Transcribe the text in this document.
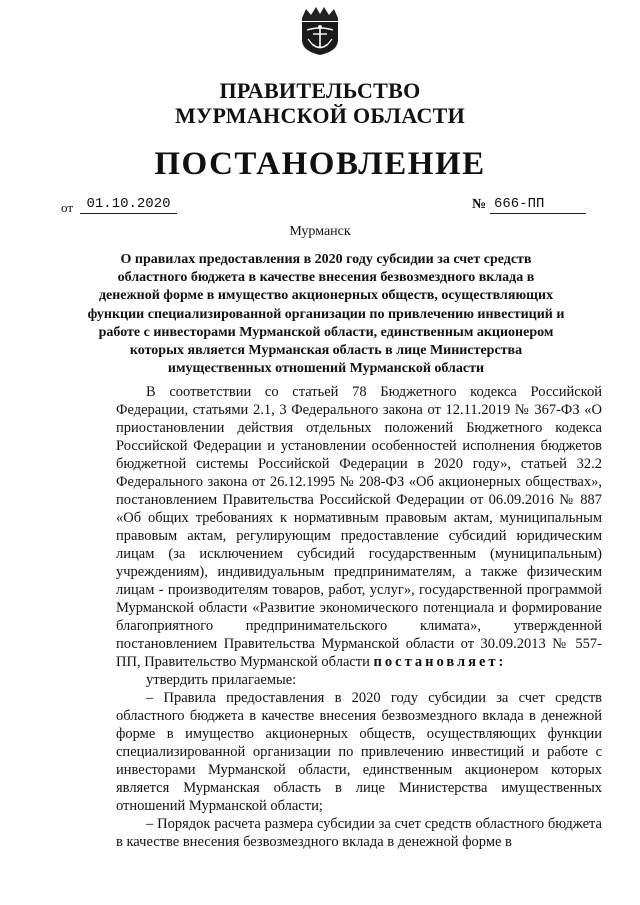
ПРАВИТЕЛЬСТВО
МУРМАНСКОЙ ОБЛАСТИ
ПОСТАНОВЛЕНИЕ
от 01.10.2020	№ 666-ПП
Мурманск
О правилах предоставления в 2020 году субсидии за счет средств областного бюджета в качестве внесения безвозмездного вклада в денежной форме в имущество акционерных обществ, осуществляющих функции специализированной организации по привлечению инвестиций и работе с инвесторами Мурманской области, единственным акционером которых является Мурманская область в лице Министерства имущественных отношений Мурманской области

В соответствии со статьей 78 Бюджетного кодекса Российской Федерации, статьями 2.1, 3 Федерального закона от 12.11.2019 № 367-ФЗ «О приостановлении действия отдельных положений Бюджетного кодекса Российской Федерации и установлении особенностей исполнения бюджетов бюджетной системы Российской Федерации в 2020 году», статьей 32.2 Федерального закона от 26.12.1995 № 208-ФЗ «Об акционерных обществах», постановлением Правительства Российской Федерации от 06.09.2016 № 887 «Об общих требованиях к нормативным правовым актам, муниципальным правовым актам, регулирующим предоставление субсидий юридическим лицам (за исключением субсидий государственным (муниципальным) учреждениям), индивидуальным предпринимателям, а также физическим лицам - производителям товаров, работ, услуг», государственной программой Мурманской области «Развитие экономического потенциала и формирование благоприятного предпринимательского климата», утвержденной постановлением Правительства Мурманской области от 30.09.2013 № 557-ПП, Правительство Мурманской области постановляет:

утвердить прилагаемые:

– Правила предоставления в 2020 году субсидии за счет средств областного бюджета в качестве внесения безвозмездного вклада в денежной форме в имущество акционерных обществ, осуществляющих функции специализированной организации по привлечению инвестиций и работе с инвесторами Мурманской области, единственным акционером которых является Мурманская область в лице Министерства имущественных отношений Мурманской области;

– Порядок расчета размера субсидии за счет средств областного бюджета в качестве внесения безвозмездного вклада в денежной форме в
